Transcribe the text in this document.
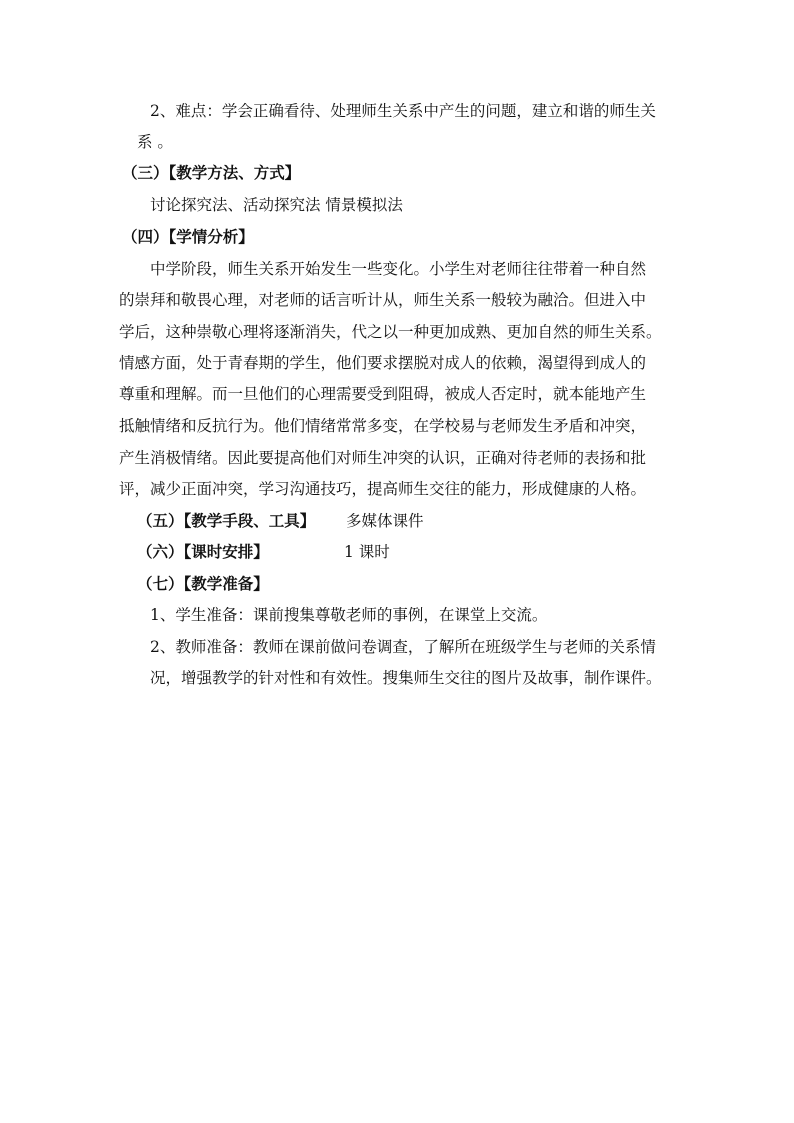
2、难点：学会正确看待、处理师生关系中产生的问题，建立和谐的师生关
系 。
（三）【教学方法、方式】
讨论探究法、活动探究法 情景模拟法
（四）【学情分析】
中学阶段，师生关系开始发生一些变化。小学生对老师往往带着一种自然
的崇拜和敬畏心理，对老师的话言听计从，师生关系一般较为融洽。但进入中
学后，这种崇敬心理将逐渐消失，代之以一种更加成熟、更加自然的师生关系。
情感方面，处于青春期的学生，他们要求摆脱对成人的依赖，渴望得到成人的
尊重和理解。而一旦他们的心理需要受到阻碍，被成人否定时，就本能地产生
抵触情绪和反抗行为。他们情绪常常多变，在学校易与老师发生矛盾和冲突，
产生消极情绪。因此要提高他们对师生冲突的认识，正确对待老师的表扬和批
评，减少正面冲突，学习沟通技巧，提高师生交往的能力，形成健康的人格。
（五）【教学手段、工具】 多媒体课件
（六）【课时安排】	1 课时
（七）【教学准备】
1、学生准备：课前搜集尊敬老师的事例，在课堂上交流。
2、教师准备：教师在课前做问卷调查，了解所在班级学生与老师的关系情
况，增强教学的针对性和有效性。搜集师生交往的图片及故事，制作课件。
